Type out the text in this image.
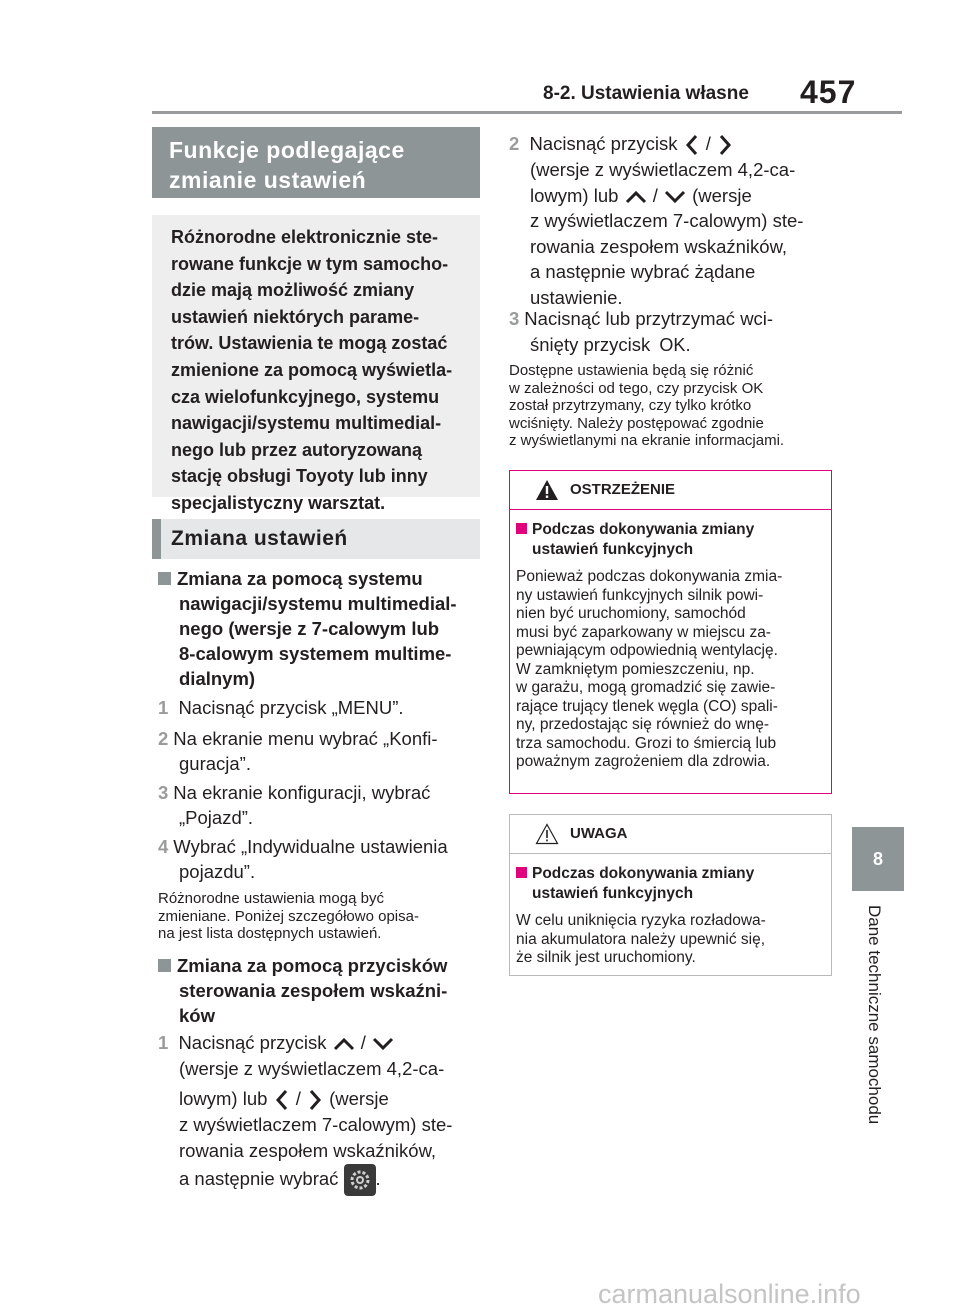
8-2. Ustawienia własne 457
8
Dane techniczne samochodu
Funkcje podlegające
zmianie ustawień
Różnorodne elektronicznie ste-
rowane funkcje w tym samocho-
dzie mają możliwość zmiany
ustawień niektórych parame-
trów. Ustawienia te mogą zostać
zmienione za pomocą wyświetla-
cza wielofunkcyjnego, systemu
nawigacji/systemu multimedial-
nego lub przez autoryzowaną
stację obsługi Toyoty lub inny
specjalistyczny warsztat.
Zmiana ustawień
Zmiana za pomocą systemu
nawigacji/systemu multimedial-
nego (wersje z 7-calowym lub
8-calowym systemem multime-
dialnym)
1 Nacisnąć przycisk „MENU”.
2 Na ekranie menu wybrać „Konfi-
guracja”.
3 Na ekranie konfiguracji, wybrać
„Pojazd”.
4 Wybrać „Indywidualne ustawienia
pojazdu”.
Różnorodne ustawienia mogą być
zmieniane. Poniżej szczegółowo opisa-
na jest lista dostępnych ustawień.
Zmiana za pomocą przycisków
sterowania zespołem wskaźni-
ków
1 Nacisnąć przycisk /
(wersje z wyświetlaczem 4,2-ca-
lowym) lub / (wersje
z wyświetlaczem 7-calowym) ste-
rowania zespołem wskaźników,
a następnie wybrać .
2 Nacisnąć przycisk /
(wersje z wyświetlaczem 4,2-ca-
lowym) lub / (wersje
z wyświetlaczem 7-calowym) ste-
rowania zespołem wskaźników,
a następnie wybrać żądane
ustawienie.
3 Nacisnąć lub przytrzymać wci-
śnięty przycisk OK.
Dostępne ustawienia będą się różnić
w zależności od tego, czy przycisk OK
został przytrzymany, czy tylko krótko
wciśnięty. Należy postępować zgodnie
z wyświetlanymi na ekranie informacjami.
OSTRZEŻENIE
Podczas dokonywania zmiany
ustawień funkcyjnych
Ponieważ podczas dokonywania zmia-
ny ustawień funkcyjnych silnik powi-
nien być uruchomiony, samochód
musi być zaparkowany w miejscu za-
pewniającym odpowiednią wentylację.
W zamkniętym pomieszczeniu, np.
w garażu, mogą gromadzić się zawie-
rające trujący tlenek węgla (CO) spali-
ny, przedostając się również do wnę-
trza samochodu. Grozi to śmiercią lub
poważnym zagrożeniem dla zdrowia.
UWAGA
Podczas dokonywania zmiany
ustawień funkcyjnych
W celu uniknięcia ryzyka rozładowa-
nia akumulatora należy upewnić się,
że silnik jest uruchomiony.
carmanualsonline.info
